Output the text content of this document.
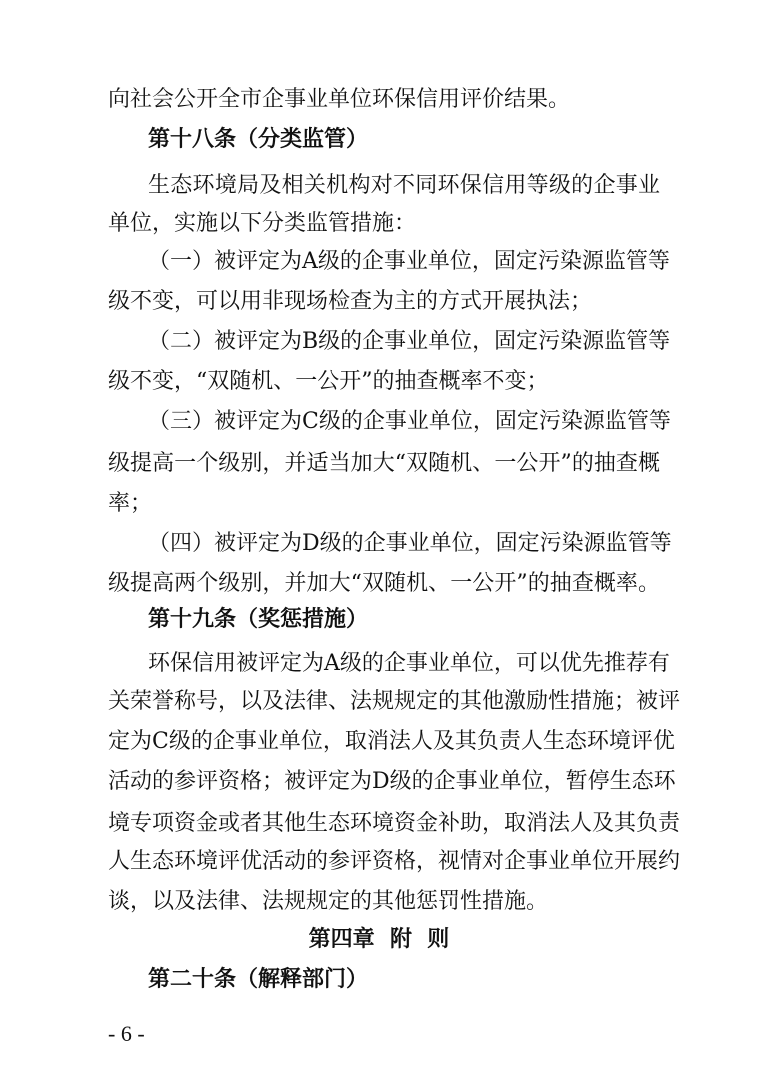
向社会公开全市企事业单位环保信用评价结果。
第十八条（分类监管）
生态环境局及相关机构对不同环保信用等级的企事业
单位，实施以下分类监管措施：
（一）被评定为A级的企事业单位，固定污染源监管等
级不变，可以用非现场检查为主的方式开展执法；
（二）被评定为B级的企事业单位，固定污染源监管等
级不变，“双随机、一公开”的抽查概率不变；
（三）被评定为C级的企事业单位，固定污染源监管等
级提高一个级别，并适当加大“双随机、一公开”的抽查概
率；
（四）被评定为D级的企事业单位，固定污染源监管等
级提高两个级别，并加大“双随机、一公开”的抽查概率。
第十九条（奖惩措施）
环保信用被评定为A级的企事业单位，可以优先推荐有
关荣誉称号，以及法律、法规规定的其他激励性措施；被评
定为C级的企事业单位，取消法人及其负责人生态环境评优
活动的参评资格；被评定为D级的企事业单位，暂停生态环
境专项资金或者其他生态环境资金补助，取消法人及其负责
人生态环境评优活动的参评资格，视情对企事业单位开展约
谈，以及法律、法规规定的其他惩罚性措施。
第四章  附  则
第二十条（解释部门）
- 6 -
